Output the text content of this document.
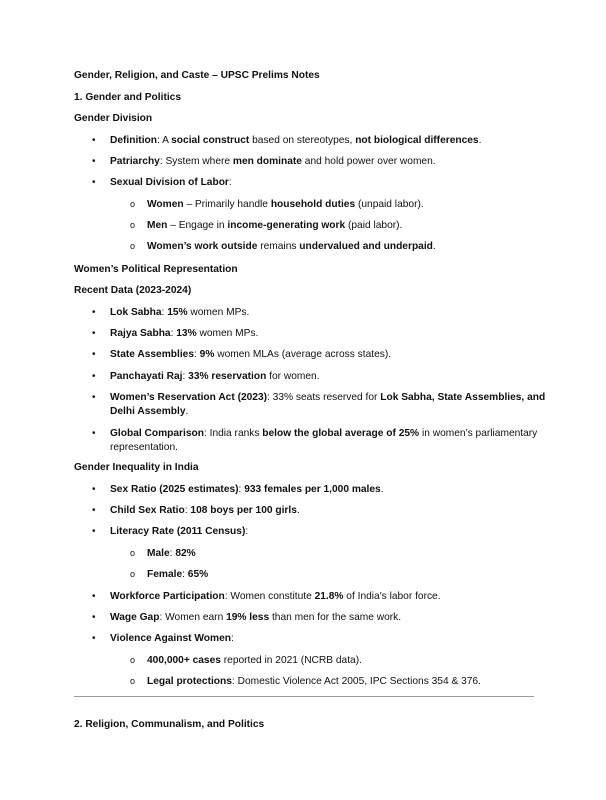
Gender, Religion, and Caste – UPSC Prelims Notes
1. Gender and Politics
Gender Division
• Definition: A social construct based on stereotypes, not biological differences.
• Patriarchy: System where men dominate and hold power over women.
• Sexual Division of Labor:
o Women – Primarily handle household duties (unpaid labor).
o Men – Engage in income-generating work (paid labor).
o Women’s work outside remains undervalued and underpaid.
Women’s Political Representation
Recent Data (2023-2024)
• Lok Sabha: 15% women MPs.
• Rajya Sabha: 13% women MPs.
• State Assemblies: 9% women MLAs (average across states).
• Panchayati Raj: 33% reservation for women.
• Women’s Reservation Act (2023): 33% seats reserved for Lok Sabha, State Assemblies, and
Delhi Assembly.
• Global Comparison: India ranks below the global average of 25% in women’s parliamentary
representation.
Gender Inequality in India
• Sex Ratio (2025 estimates): 933 females per 1,000 males.
• Child Sex Ratio: 108 boys per 100 girls.
• Literacy Rate (2011 Census):
o Male: 82%
o Female: 65%
• Workforce Participation: Women constitute 21.8% of India's labor force.
• Wage Gap: Women earn 19% less than men for the same work.
• Violence Against Women:
o 400,000+ cases reported in 2021 (NCRB data).
o Legal protections: Domestic Violence Act 2005, IPC Sections 354 & 376.
2. Religion, Communalism, and Politics
